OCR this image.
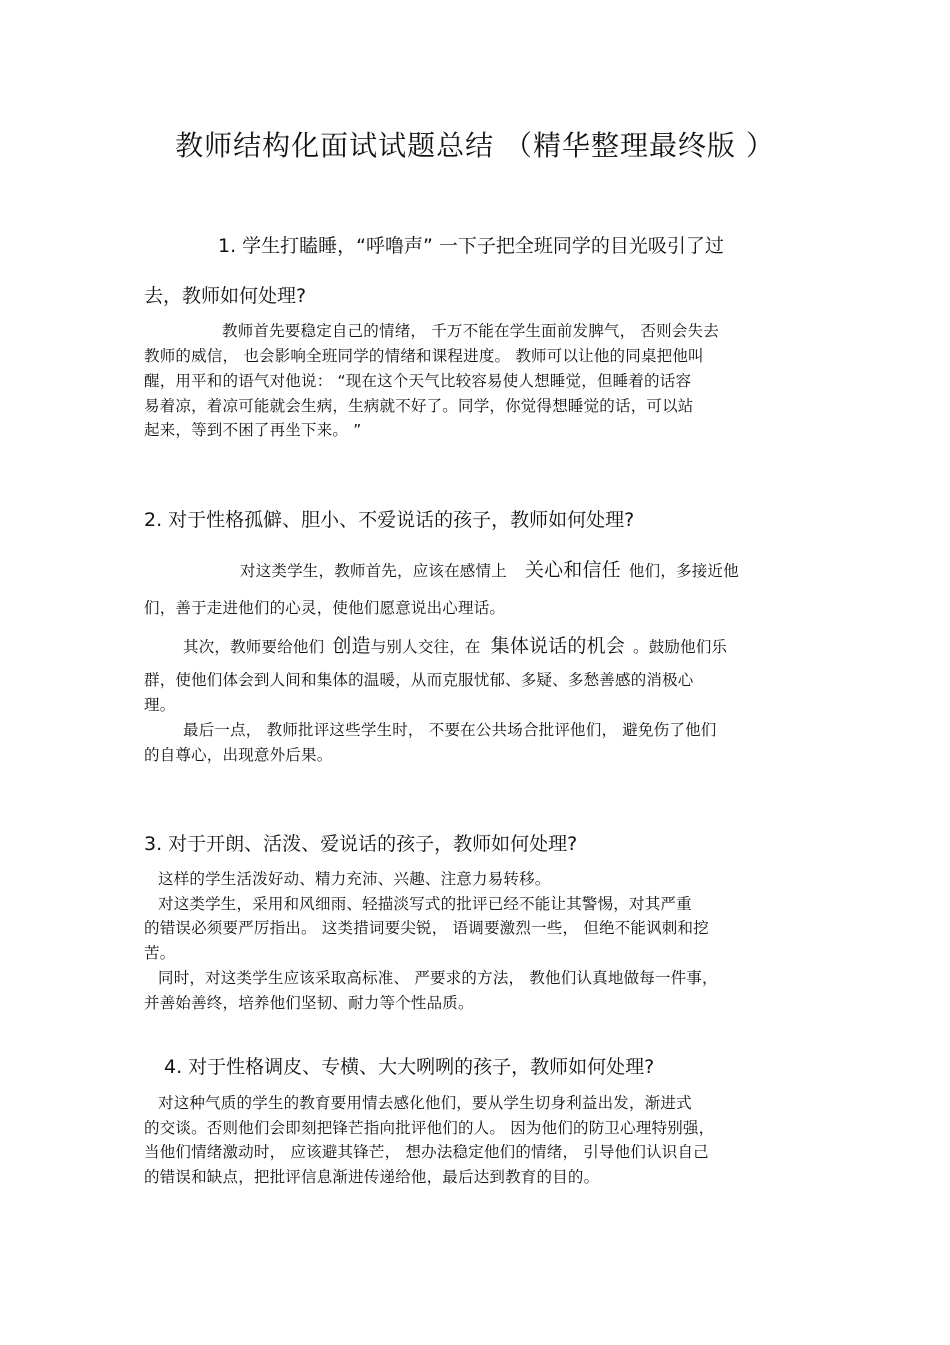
教师结构化面试试题总结 （精华整理最终版 ）
1. 学生打瞌睡，“呼噜声” 一下子把全班同学的目光吸引了过
去，教师如何处理?
教师首先要稳定自己的情绪， 千万不能在学生面前发脾气， 否则会失去
教师的威信， 也会影响全班同学的情绪和课程进度。 教师可以让他的同桌把他叫
醒，用平和的语气对他说： “现在这个天气比较容易使人想睡觉，但睡着的话容
易着凉，着凉可能就会生病，生病就不好了。同学，你觉得想睡觉的话，可以站
起来，等到不困了再坐下来。 ”
2. 对于性格孤僻、胆小、不爱说话的孩子，教师如何处理?
对这类学生，教师首先，应该在感情上 关心和信任 他们，多接近他
们，善于走进他们的心灵，使他们愿意说出心理话。
其次，教师要给他们 创造与别人交往，在 集体说话的机会 。鼓励他们乐
群，使他们体会到人间和集体的温暖，从而克服忧郁、多疑、多愁善感的消极心
理。
最后一点， 教师批评这些学生时， 不要在公共场合批评他们， 避免伤了他们
的自尊心，出现意外后果。
3. 对于开朗、活泼、爱说话的孩子，教师如何处理?
这样的学生活泼好动、精力充沛、兴趣、注意力易转移。
对这类学生，采用和风细雨、轻描淡写式的批评已经不能让其警惕，对其严重
的错误必须要严厉指出。 这类措词要尖锐， 语调要激烈一些， 但绝不能讽刺和挖
苦。
同时，对这类学生应该采取高标准、 严要求的方法， 教他们认真地做每一件事，
并善始善终，培养他们坚韧、耐力等个性品质。
4. 对于性格调皮、专横、大大咧咧的孩子，教师如何处理?
对这种气质的学生的教育要用情去感化他们，要从学生切身利益出发，渐进式
的交谈。否则他们会即刻把锋芒指向批评他们的人。 因为他们的防卫心理特别强，
当他们情绪激动时， 应该避其锋芒， 想办法稳定他们的情绪， 引导他们认识自己
的错误和缺点，把批评信息渐进传递给他，最后达到教育的目的。
